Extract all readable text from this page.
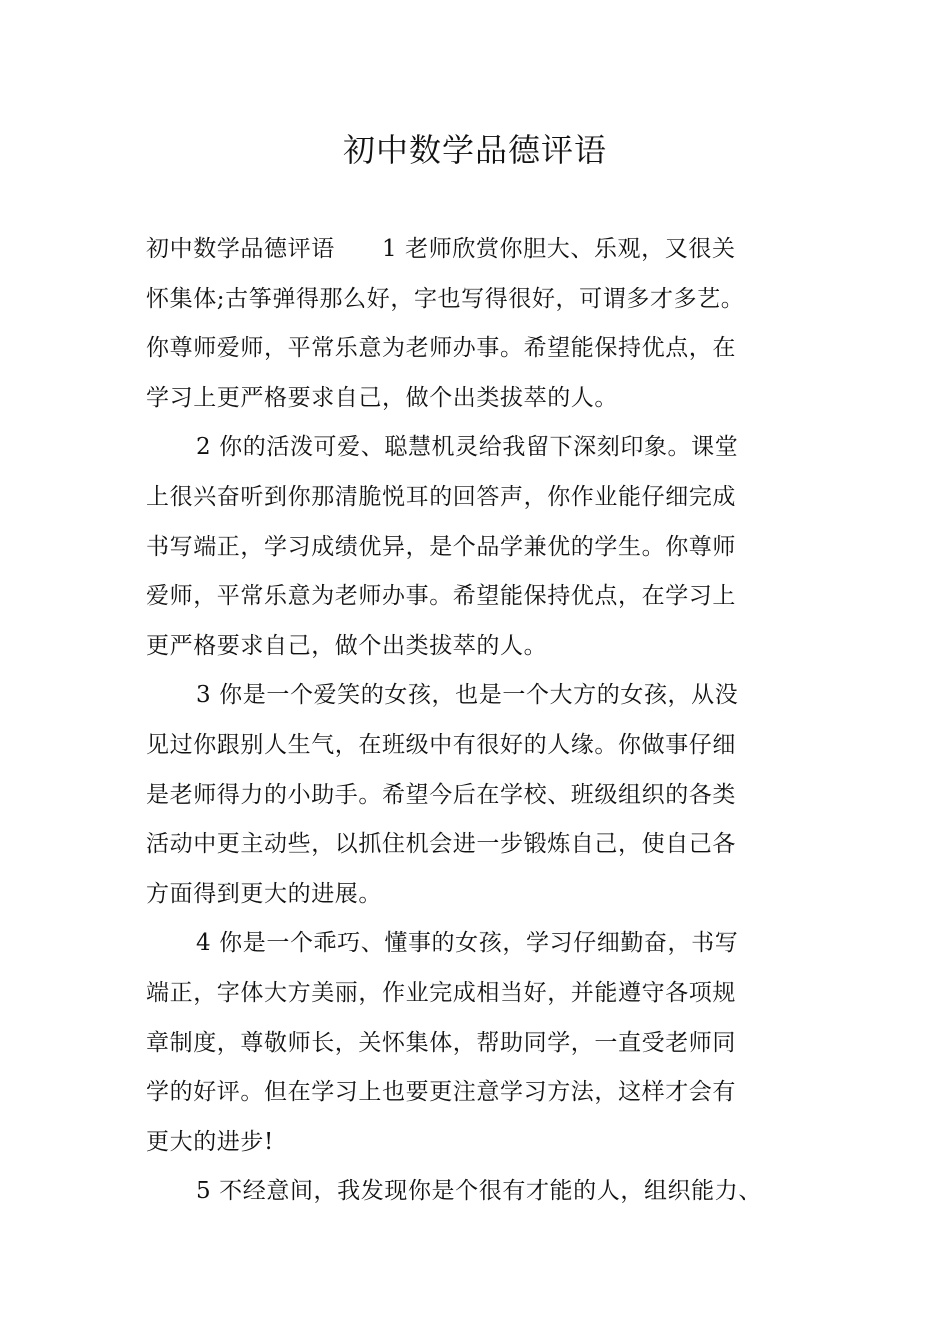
初中数学品德评语
初中数学品德评语　　1 老师欣赏你胆大、乐观，又很关
怀集体;古筝弹得那么好，字也写得很好，可谓多才多艺。
你尊师爱师，平常乐意为老师办事。希望能保持优点，在
学习上更严格要求自己，做个出类拔萃的人。
2 你的活泼可爱、聪慧机灵给我留下深刻印象。课堂
上很兴奋听到你那清脆悦耳的回答声，你作业能仔细完成
书写端正，学习成绩优异，是个品学兼优的学生。你尊师
爱师，平常乐意为老师办事。希望能保持优点，在学习上
更严格要求自己，做个出类拔萃的人。
3 你是一个爱笑的女孩，也是一个大方的女孩，从没
见过你跟别人生气，在班级中有很好的人缘。你做事仔细
是老师得力的小助手。希望今后在学校、班级组织的各类
活动中更主动些，以抓住机会进一步锻炼自己，使自己各
方面得到更大的进展。
4 你是一个乖巧、懂事的女孩，学习仔细勤奋，书写
端正，字体大方美丽，作业完成相当好，并能遵守各项规
章制度，尊敬师长，关怀集体，帮助同学，一直受老师同
学的好评。但在学习上也要更注意学习方法，这样才会有
更大的进步!
5 不经意间，我发现你是个很有才能的人，组织能力、
